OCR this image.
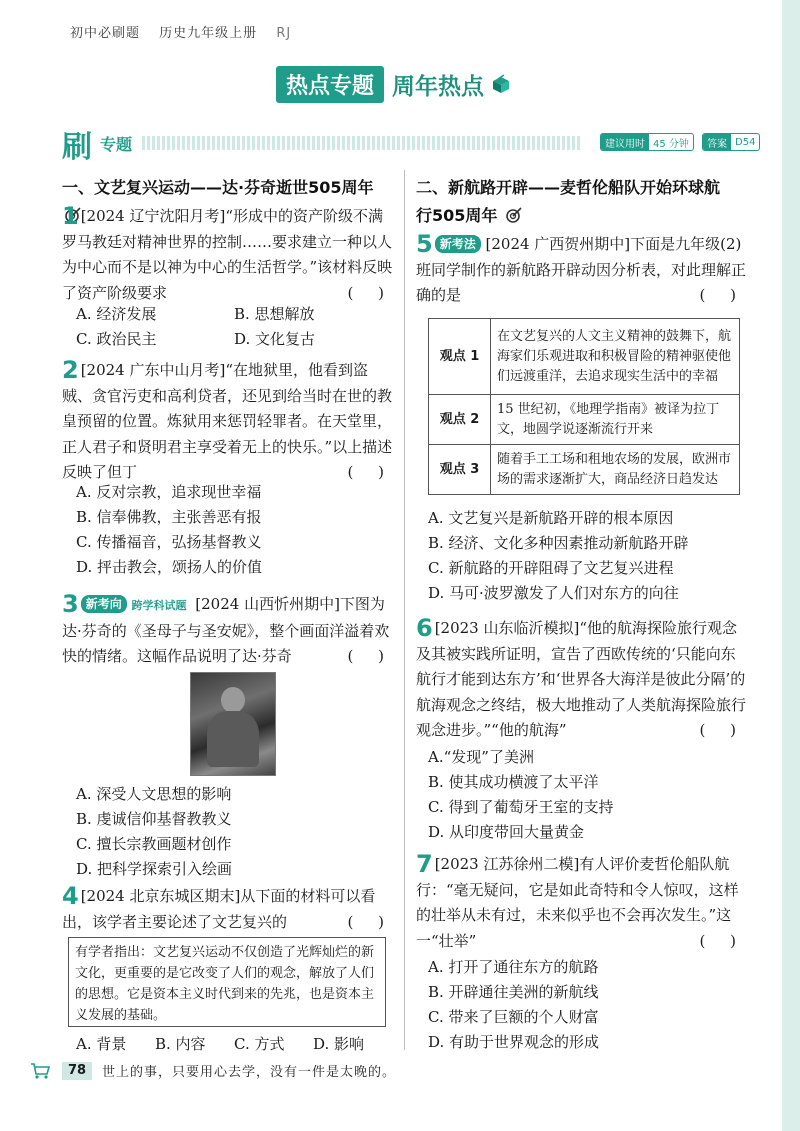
初中必刷题 历史九年级上册 RJ
热点专题 周年热点
刷 专题	建议用时 45 分钟	答案 D54
一、文艺复兴运动——达·芬奇逝世505周年
1 [2024 辽宁沈阳月考]“形成中的资产阶级不满罗马教廷对精神世界的控制……要求建立一种以人为中心而不是以神为中心的生活哲学。”该材料反映了资产阶级要求	( )
A. 经济发展	B. 思想解放
C. 政治民主	D. 文化复古
2 [2024 广东中山月考]“在地狱里，他看到盗贼、贪官污吏和高利贷者，还见到给当时在世的教皇预留的位置。炼狱用来惩罚轻罪者。在天堂里，正人君子和贤明君主享受着无上的快乐。”以上描述反映了但丁	( )
A. 反对宗教，追求现世幸福
B. 信奉佛教，主张善恶有报
C. 传播福音，弘扬基督教义
D. 抨击教会，颂扬人的价值
3 新考向 跨学科试题 [2024 山西忻州期中]下图为达·芬奇的《圣母子与圣安妮》，整个画面洋溢着欢快的情绪。这幅作品说明了达·芬奇	( )
A. 深受人文思想的影响
B. 虔诚信仰基督教教义
C. 擅长宗教画题材创作
D. 把科学探索引入绘画
4 [2024 北京东城区期末]从下面的材料可以看出，该学者主要论述了文艺复兴的	( )
有学者指出：文艺复兴运动不仅创造了光辉灿烂的新文化，更重要的是它改变了人们的观念，解放了人们的思想。它是资本主义时代到来的先兆，也是资本主义发展的基础。
A. 背景	B. 内容	C. 方式	D. 影响
二、新航路开辟——麦哲伦船队开始环球航
行505周年
5 新考法 [2024 广西贺州期中]下面是九年级(2)班同学制作的新航路开辟动因分析表，对此理解正确的是	( )
观点 1	在文艺复兴的人文主义精神的鼓舞下，航海家们乐观进取和积极冒险的精神驱使他们远渡重洋，去追求现实生活中的幸福
观点 2	15 世纪初，《地理学指南》被译为拉丁文，地圆学说逐渐流行开来
观点 3	随着手工工场和租地农场的发展，欧洲市场的需求逐渐扩大，商品经济日趋发达
A. 文艺复兴是新航路开辟的根本原因
B. 经济、文化多种因素推动新航路开辟
C. 新航路的开辟阻碍了文艺复兴进程
D. 马可·波罗激发了人们对东方的向往
6 [2023 山东临沂模拟]“他的航海探险旅行观念及其被实践所证明，宣告了西欧传统的‘只能向东航行才能到达东方’和‘世界各大海洋是彼此分隔’的航海观念之终结，极大地推动了人类航海探险旅行观念进步。”“他的航海”	( )
A.“发现”了美洲
B. 使其成功横渡了太平洋
C. 得到了葡萄牙王室的支持
D. 从印度带回大量黄金
7 [2023 江苏徐州二模]有人评价麦哲伦船队航行：“毫无疑问，它是如此奇特和令人惊叹，这样的壮举从未有过，未来似乎也不会再次发生。”这一“壮举”	( )
A. 打开了通往东方的航路
B. 开辟通往美洲的新航线
C. 带来了巨额的个人财富
D. 有助于世界观念的形成
78	世上的事，只要用心去学，没有一件是太晚的。
